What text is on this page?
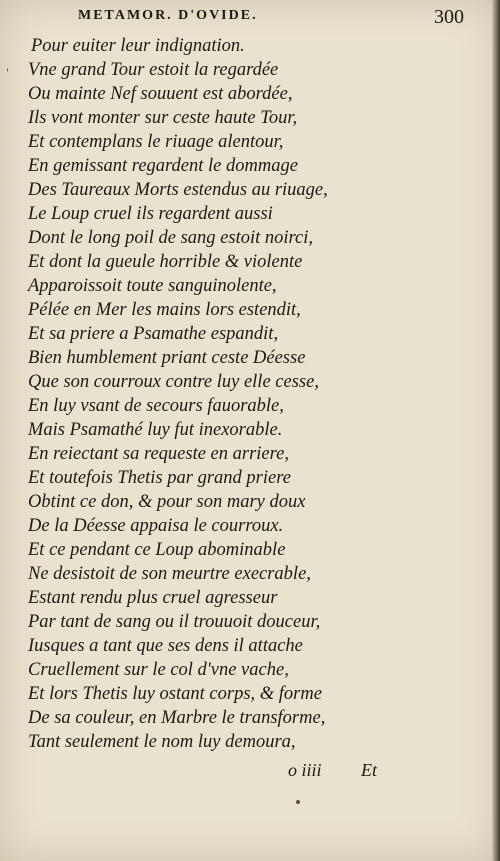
METAMOR. D'OVIDE.	300
'
Pour euiter leur indignation.
Vne grand Tour estoit la regardée
Ou mainte Nef souuent est abordée,
Ils vont monter sur ceste haute Tour,
Et contemplans le riuage alentour,
En gemissant regardent le dommage
Des Taureaux Morts estendus au riuage,
Le Loup cruel ils regardent aussi
Dont le long poil de sang estoit noirci,
Et dont la gueule horrible & violente
Apparoissoit toute sanguinolente,
Pélée en Mer les mains lors estendit,
Et sa priere a Psamathe espandit,
Bien humblement priant ceste Déesse
Que son courroux contre luy elle cesse,
En luy vsant de secours fauorable,
Mais Psamathé luy fut inexorable.
En reiectant sa requeste en arriere,
Et toutefois Thetis par grand priere
Obtint ce don, & pour son mary doux
De la Déesse appaisa le courroux.
Et ce pendant ce Loup abominable
Ne desistoit de son meurtre execrable,
Estant rendu plus cruel agresseur
Par tant de sang ou il trouuoit douceur,
Iusques a tant que ses dens il attache
Cruellement sur le col d'vne vache,
Et lors Thetis luy ostant corps, & forme
De sa couleur, en Marbre le transforme,
Tant seulement le nom luy demoura,
o iiii Et
